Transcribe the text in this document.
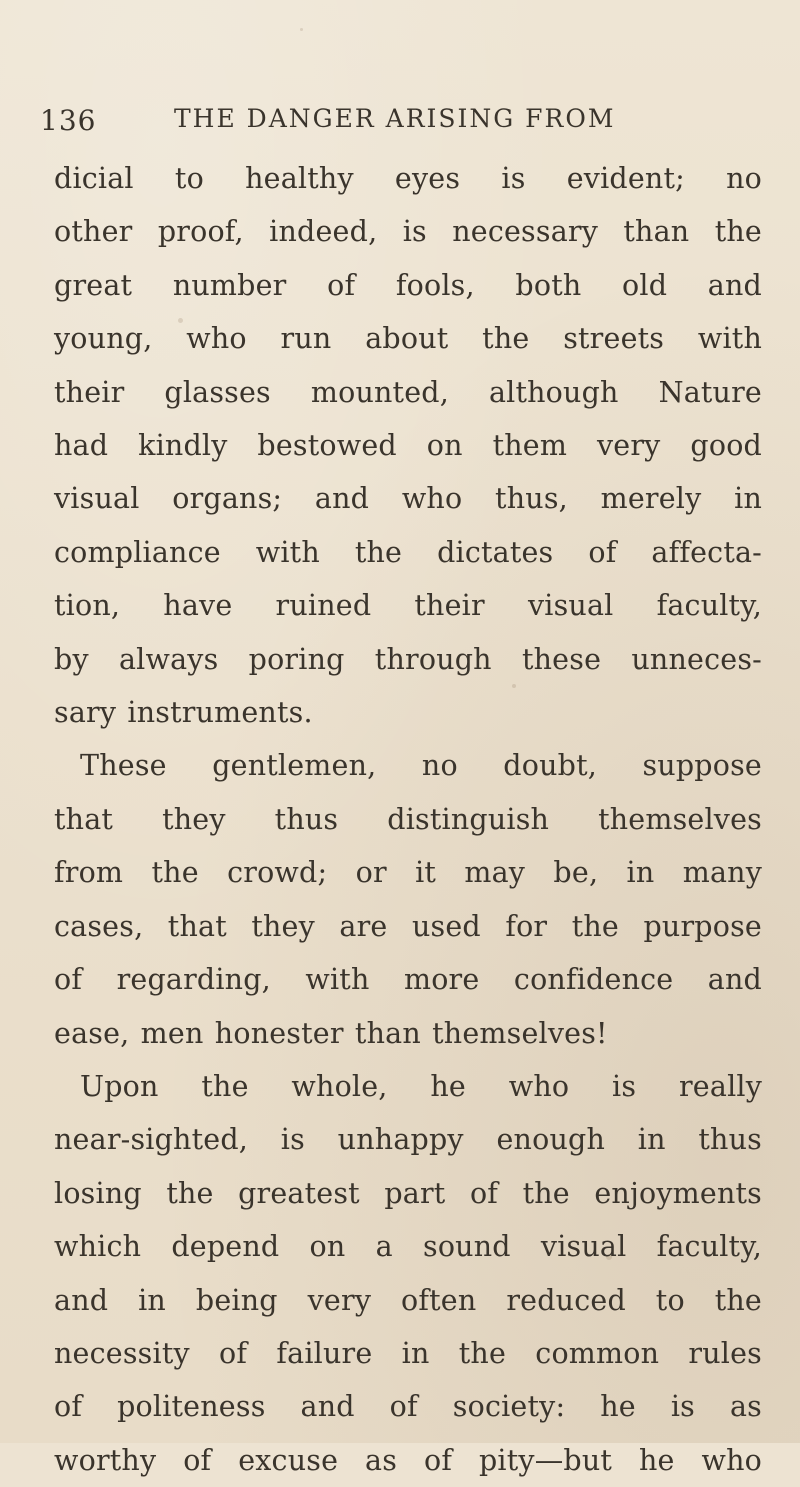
136	THE DANGER ARISING FROM
dicial to healthy eyes is evident; no
other proof, indeed, is necessary than the
great number of fools, both old and
young, who run about the streets with
their glasses mounted, although Nature
had kindly bestowed on them very good
visual organs; and who thus, merely in
compliance with the dictates of affecta-
tion, have ruined their visual faculty,
by always poring through these unneces-
sary instruments.
These gentlemen, no doubt, suppose
that they thus distinguish themselves
from the crowd; or it may be, in many
cases, that they are used for the purpose
of regarding, with more confidence and
ease, men honester than themselves!
Upon the whole, he who is really
near-sighted, is unhappy enough in thus
losing the greatest part of the enjoyments
which depend on a sound visual faculty,
and in being very often reduced to the
necessity of failure in the common rules
of politeness and of society: he is as
worthy of excuse as of pity—but he who
